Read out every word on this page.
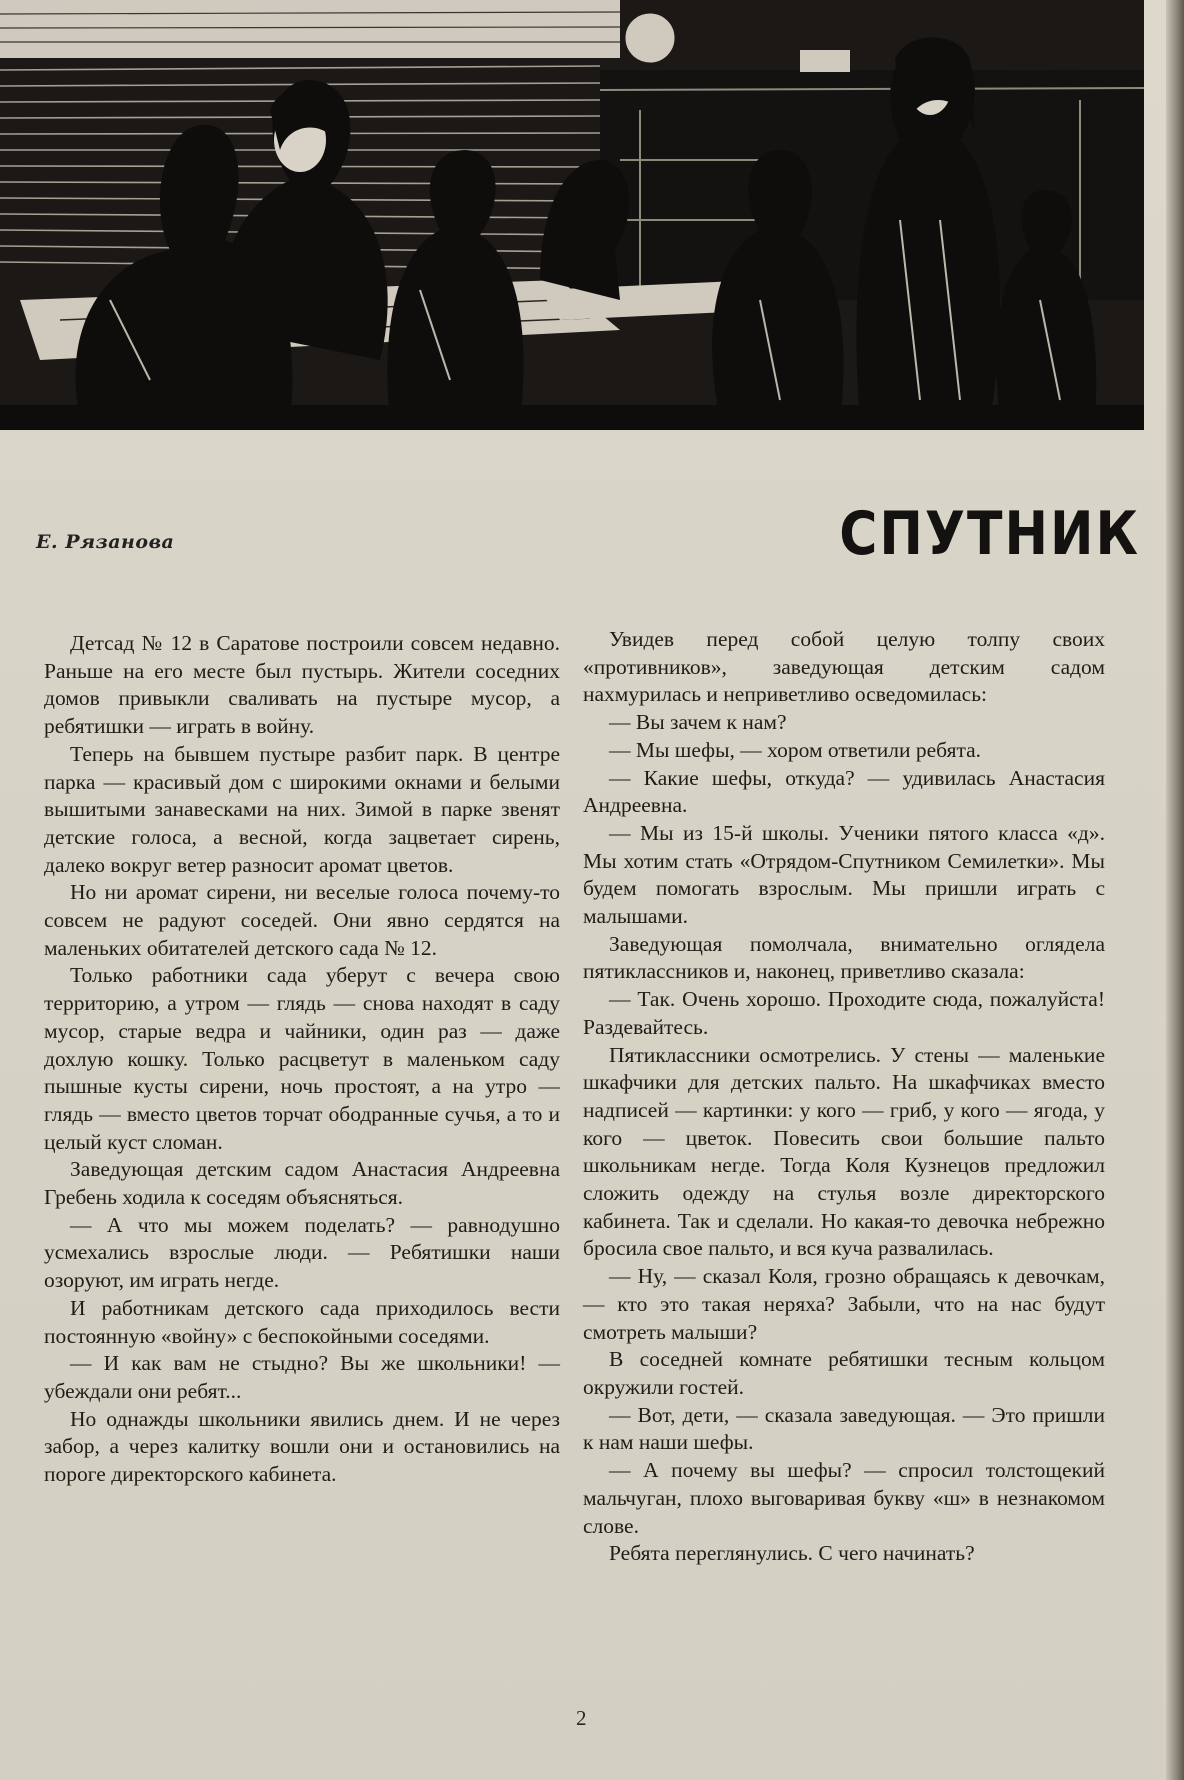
Е. Рязанова	СПУТНИК

Детсад № 12 в Саратове построили совсем недавно. Раньше на его месте был пустырь. Жители соседних домов привыкли сваливать на пустыре мусор, а ребятишки — играть в войну.

Теперь на бывшем пустыре разбит парк. В центре парка — красивый дом с широкими окнами и белыми вышитыми занавесками на них. Зимой в парке звенят детские голоса, а весной, когда зацветает сирень, далеко вокруг ветер разносит аромат цветов.

Но ни аромат сирени, ни веселые голоса почему-то совсем не радуют соседей. Они явно сердятся на маленьких обитателей детского сада № 12.

Только работники сада уберут с вечера свою территорию, а утром — глядь — снова находят в саду мусор, старые ведра и чайники, один раз — даже дохлую кошку. Только расцветут в маленьком саду пышные кусты сирени, ночь простоят, а на утро — глядь — вместо цветов торчат ободранные сучья, а то и целый куст сломан.

Заведующая детским садом Анастасия Андреевна Гребень ходила к соседям объясняться.

— А что мы можем поделать? — равнодушно усмехались взрослые люди. — Ребятишки наши озоруют, им играть негде.

И работникам детского сада приходилось вести постоянную «войну» с беспокойными соседями.

— И как вам не стыдно? Вы же школьники! — убеждали они ребят...

Но однажды школьники явились днем. И не через забор, а через калитку вошли они и остановились на пороге директорского кабинета.

Увидев перед собой целую толпу своих «противников», заведующая детским садом нахмурилась и неприветливо осведомилась:

— Вы зачем к нам?

— Мы шефы, — хором ответили ребята.

— Какие шефы, откуда? — удивилась Анастасия Андреевна.

— Мы из 15-й школы. Ученики пятого класса «д». Мы хотим стать «Отрядом-Спутником Семилетки». Мы будем помогать взрослым. Мы пришли играть с малышами.

Заведующая помолчала, внимательно оглядела пятиклассников и, наконец, приветливо сказала:

— Так. Очень хорошо. Проходите сюда, пожалуйста! Раздевайтесь.

Пятиклассники осмотрелись. У стены — маленькие шкафчики для детских пальто. На шкафчиках вместо надписей — картинки: у кого — гриб, у кого — ягода, у кого — цветок. Повесить свои большие пальто школьникам негде. Тогда Коля Кузнецов предложил сложить одежду на стулья возле директорского кабинета. Так и сделали. Но какая-то девочка небрежно бросила свое пальто, и вся куча развалилась.

— Ну, — сказал Коля, грозно обращаясь к девочкам, — кто это такая неряха? Забыли, что на нас будут смотреть малыши?

В соседней комнате ребятишки тесным кольцом окружили гостей.

— Вот, дети, — сказала заведующая. — Это пришли к нам наши шефы.

— А почему вы шефы? — спросил толстощекий мальчуган, плохо выговаривая букву «ш» в незнакомом слове.

Ребята переглянулись. С чего начинать?

2
